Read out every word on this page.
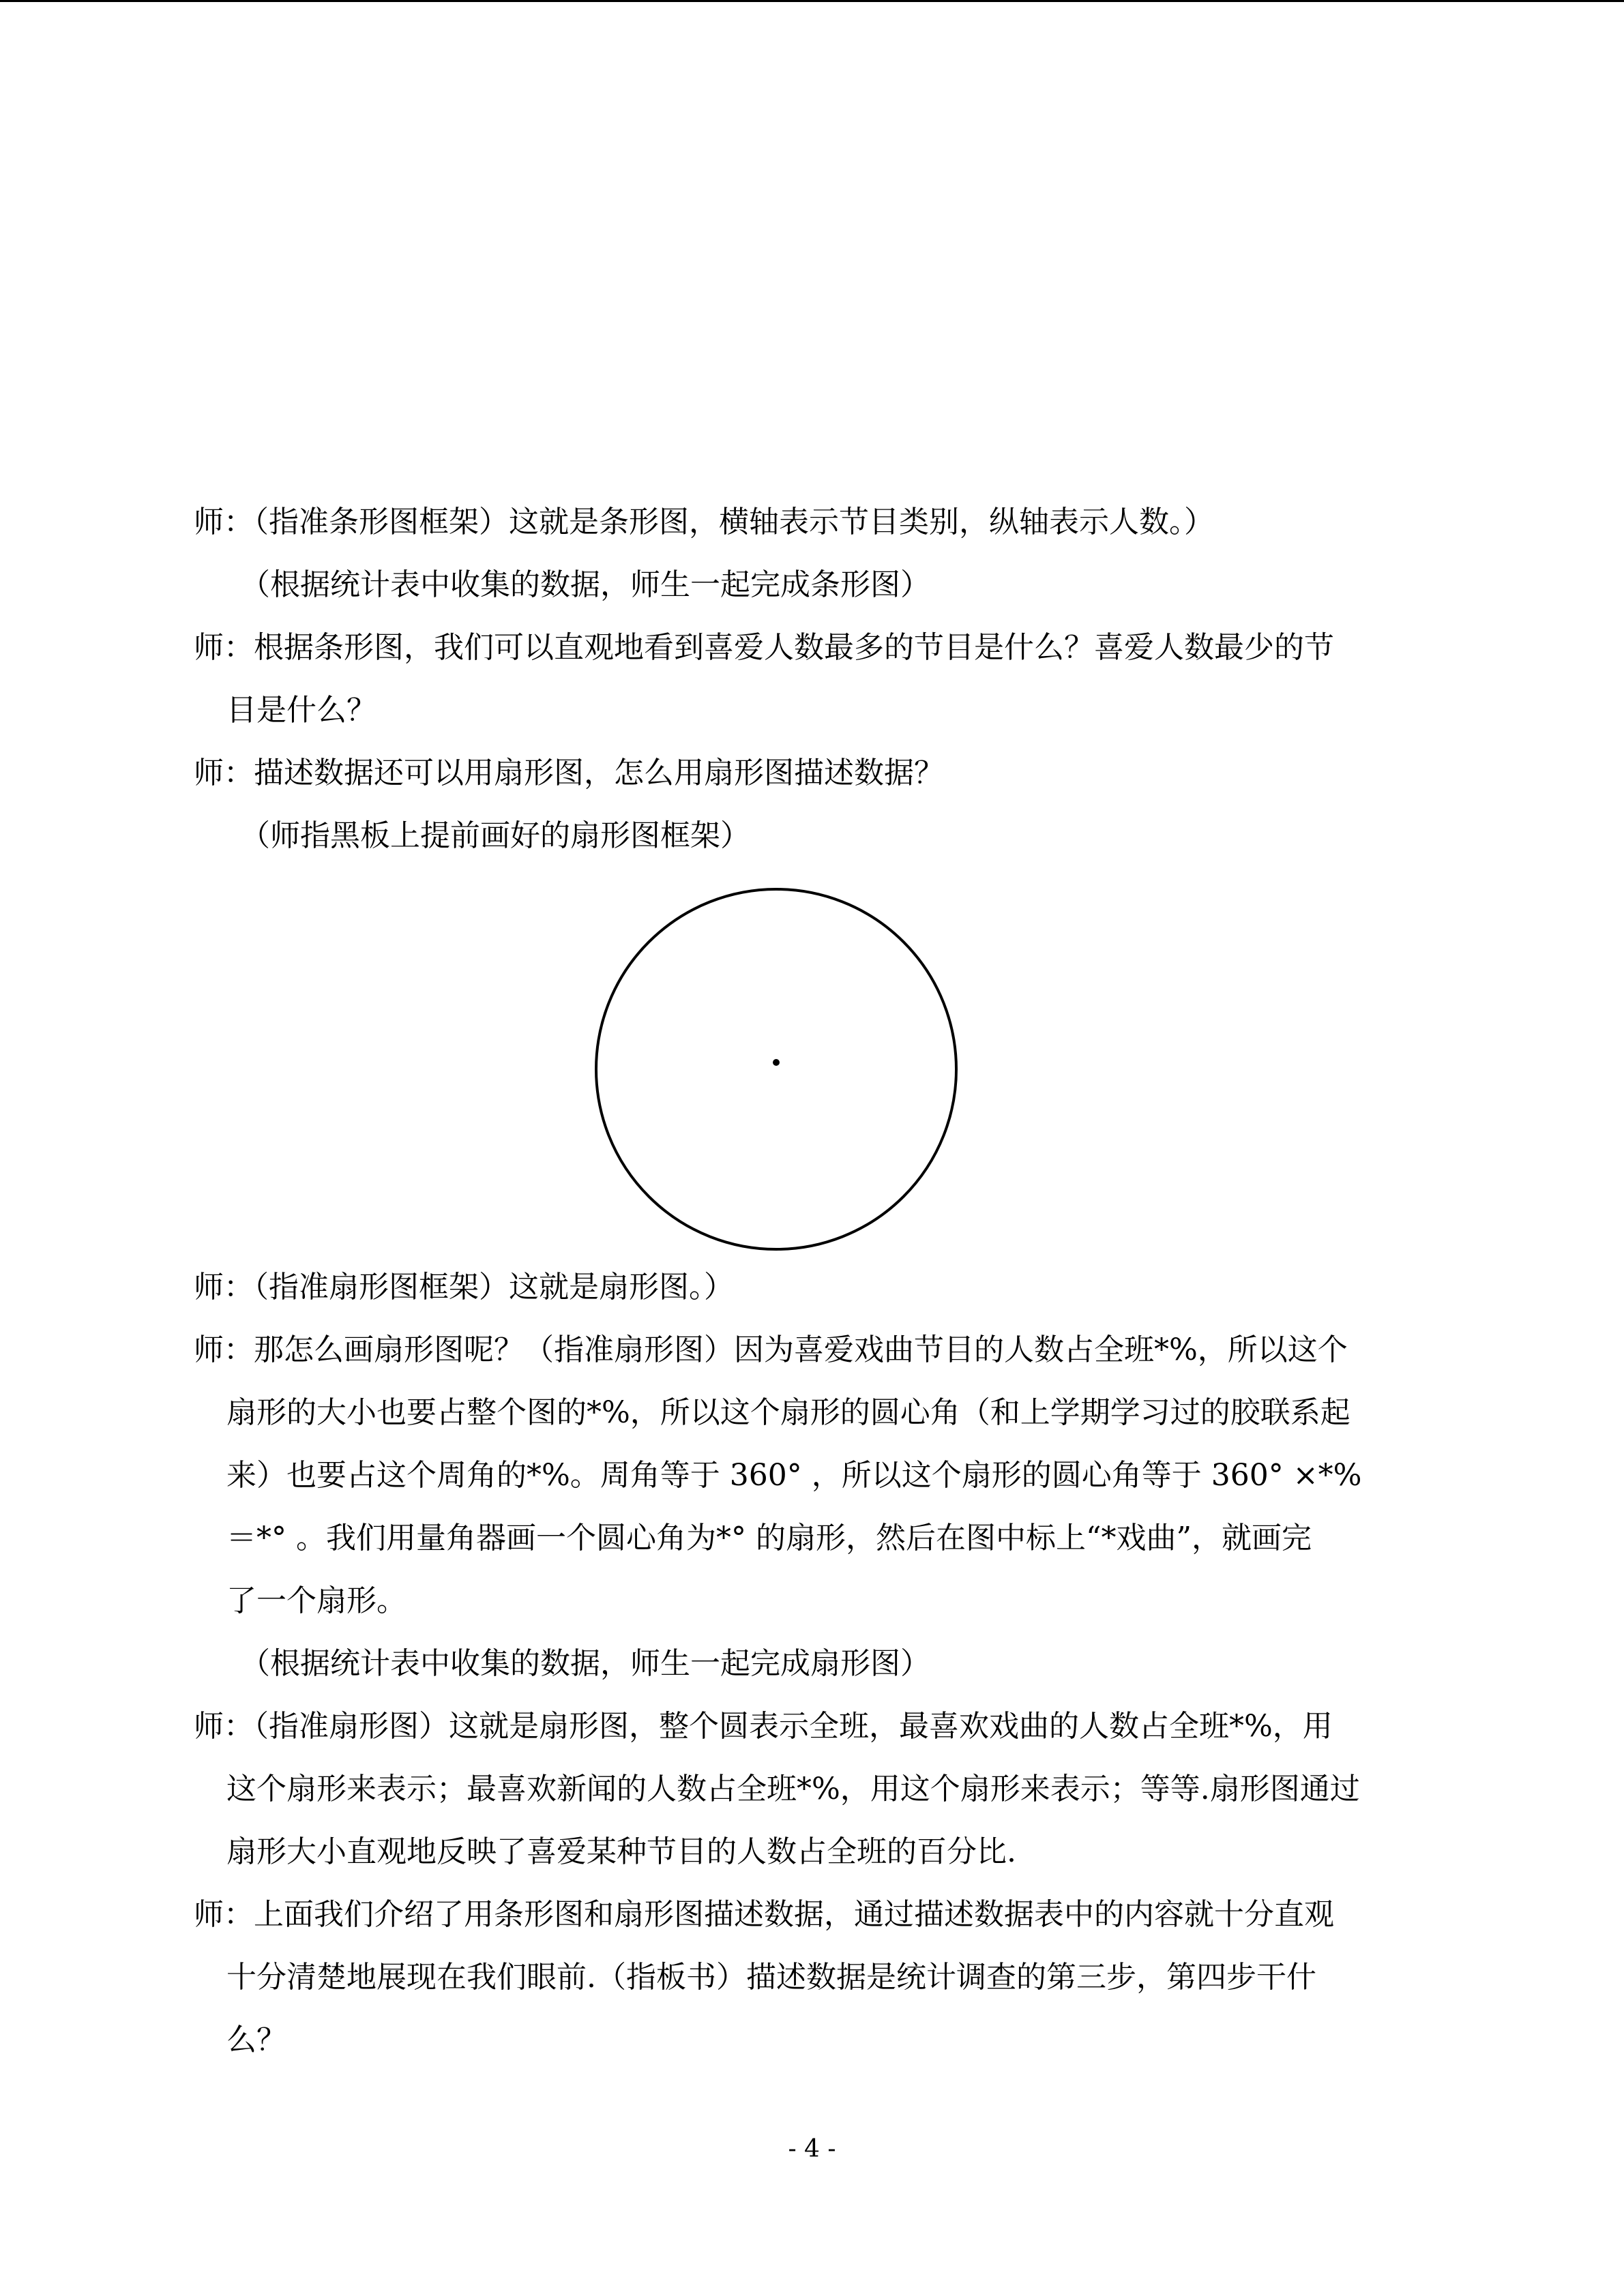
师：（指准条形图框架）这就是条形图，横轴表示节目类别，纵轴表示人数。）
（根据统计表中收集的数据，师生一起完成条形图）
师：根据条形图，我们可以直观地看到喜爱人数最多的节目是什么？喜爱人数最少的节
目是什么？
师：描述数据还可以用扇形图，怎么用扇形图描述数据？
（师指黑板上提前画好的扇形图框架）
师：（指准扇形图框架）这就是扇形图。）
师：那怎么画扇形图呢？（指准扇形图）因为喜爱戏曲节目的人数占全班*%，所以这个
扇形的大小也要占整个图的*%，所以这个扇形的圆心角（和上学期学习过的胶联系起
来）也要占这个周角的*%。周角等于 360° ，所以这个扇形的圆心角等于 360° ×*%
＝*° 。我们用量角器画一个圆心角为*° 的扇形，然后在图中标上“*戏曲”，就画完
了一个扇形。
（根据统计表中收集的数据，师生一起完成扇形图）
师：（指准扇形图）这就是扇形图，整个圆表示全班，最喜欢戏曲的人数占全班*%，用
这个扇形来表示；最喜欢新闻的人数占全班*%，用这个扇形来表示；等等.扇形图通过
扇形大小直观地反映了喜爱某种节目的人数占全班的百分比.
师：上面我们介绍了用条形图和扇形图描述数据，通过描述数据表中的内容就十分直观
十分清楚地展现在我们眼前.（指板书）描述数据是统计调查的第三步，第四步干什
么？
- 4 -
